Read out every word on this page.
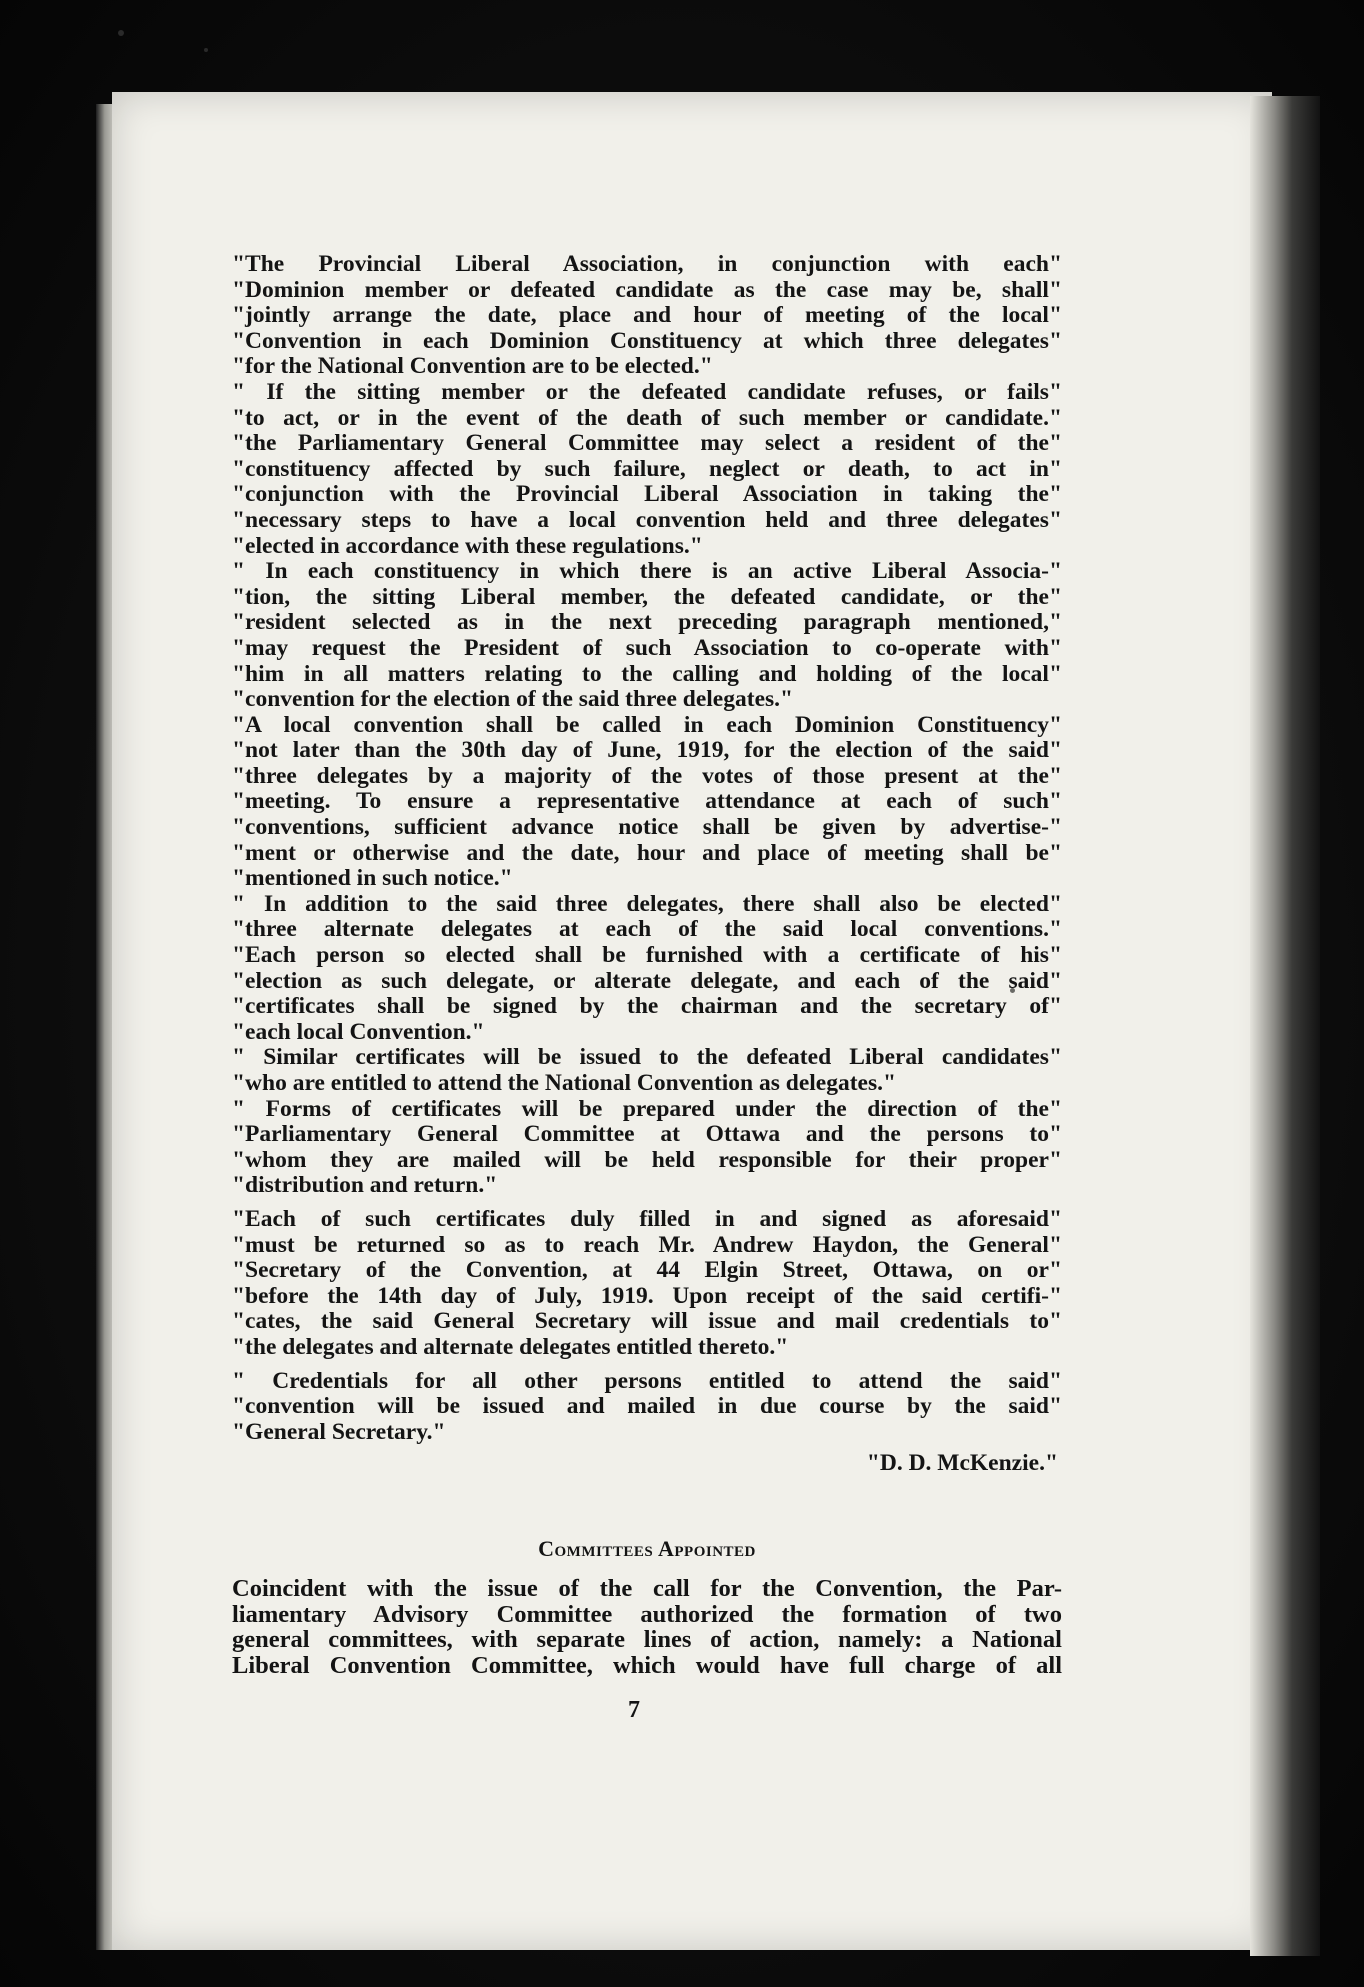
"The Provincial Liberal Association, in conjunction with each"
"Dominion member or defeated candidate as the case may be, shall"
"jointly arrange the date, place and hour of meeting of the local"
"Convention in each Dominion Constituency at which three delegates"
"for the National Convention are to be elected."
" If the sitting member or the defeated candidate refuses, or fails"
"to act, or in the event of the death of such member or candidate."
"the Parliamentary General Committee may select a resident of the"
"constituency affected by such failure, neglect or death, to act in"
"conjunction with the Provincial Liberal Association in taking the"
"necessary steps to have a local convention held and three delegates"
"elected in accordance with these regulations."
" In each constituency in which there is an active Liberal Associa-"
"tion, the sitting Liberal member, the defeated candidate, or the"
"resident selected as in the next preceding paragraph mentioned,"
"may request the President of such Association to co-operate with"
"him in all matters relating to the calling and holding of the local"
"convention for the election of the said three delegates."
"A local convention shall be called in each Dominion Constituency"
"not later than the 30th day of June, 1919, for the election of the said"
"three delegates by a majority of the votes of those present at the"
"meeting. To ensure a representative attendance at each of such"
"conventions, sufficient advance notice shall be given by advertise-"
"ment or otherwise and the date, hour and place of meeting shall be"
"mentioned in such notice."
" In addition to the said three delegates, there shall also be elected"
"three alternate delegates at each of the said local conventions."
"Each person so elected shall be furnished with a certificate of his"
"election as such delegate, or alterate delegate, and each of the said"
"certificates shall be signed by the chairman and the secretary of"
"each local Convention."
" Similar certificates will be issued to the defeated Liberal candidates"
"who are entitled to attend the National Convention as delegates."
" Forms of certificates will be prepared under the direction of the"
"Parliamentary General Committee at Ottawa and the persons to"
"whom they are mailed will be held responsible for their proper"
"distribution and return."
"Each of such certificates duly filled in and signed as aforesaid"
"must be returned so as to reach Mr. Andrew Haydon, the General"
"Secretary of the Convention, at 44 Elgin Street, Ottawa, on or"
"before the 14th day of July, 1919. Upon receipt of the said certifi-"
"cates, the said General Secretary will issue and mail credentials to"
"the delegates and alternate delegates entitled thereto."
" Credentials for all other persons entitled to attend the said"
"convention will be issued and mailed in due course by the said"
"General Secretary."
"D. D. McKenzie."
Committees Appointed
Coincident with the issue of the call for the Convention, the Par-
liamentary Advisory Committee authorized the formation of two
general committees, with separate lines of action, namely: a National
Liberal Convention Committee, which would have full charge of all
7
